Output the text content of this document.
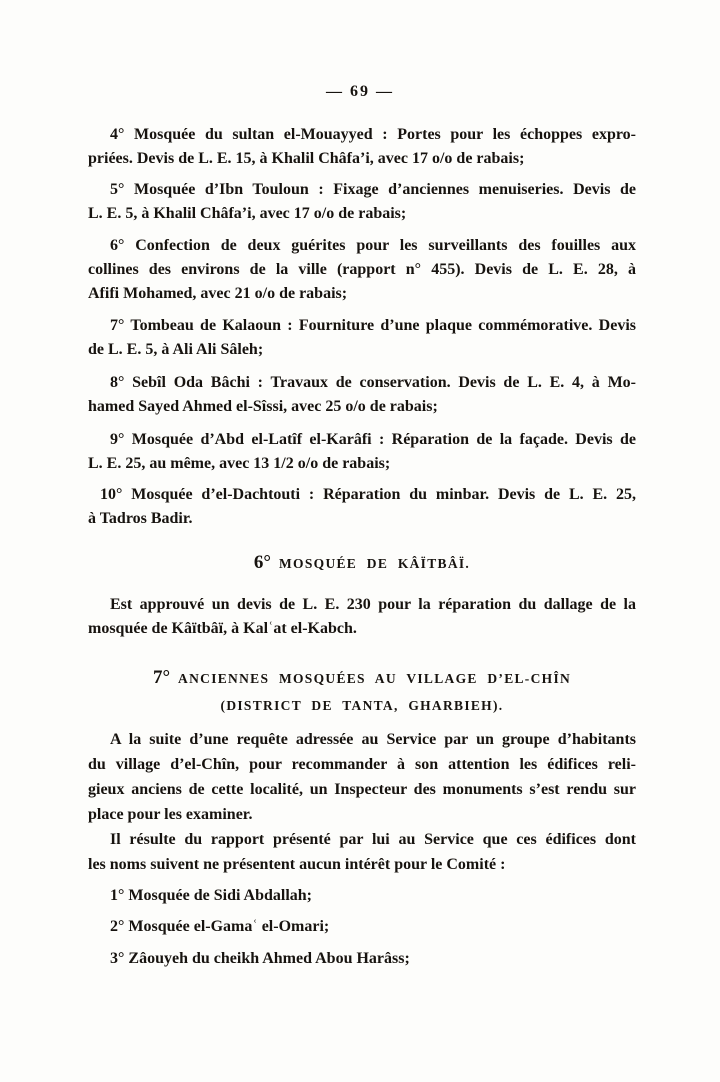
— 69 —
4° Mosquée du sultan el-Mouayyed : Portes pour les échoppes expro-
priées. Devis de L. E. 15, à Khalil Châfa’i, avec 17 o/o de rabais;
5° Mosquée d’Ibn Touloun : Fixage d’anciennes menuiseries. Devis de
L. E. 5, à Khalil Châfa’i, avec 17 o/o de rabais;
6° Confection de deux guérites pour les surveillants des fouilles aux
collines des environs de la ville (rapport n° 455). Devis de L. E. 28, à
Afifi Mohamed, avec 21 o/o de rabais;
7° Tombeau de Kalaoun : Fourniture d’une plaque commémorative. Devis
de L. E. 5, à Ali Ali Sâleh;
8° Sebîl Oda Bâchi : Travaux de conservation. Devis de L. E. 4, à Mo-
hamed Sayed Ahmed el-Sîssi, avec 25 o/o de rabais;
9° Mosquée d’Abd el-Latîf el-Karâfi : Réparation de la façade. Devis de
L. E. 25, au même, avec 13 1/2 o/o de rabais;
10° Mosquée d’el-Dachtouti : Réparation du minbar. Devis de L. E. 25,
à Tadros Badir.
6° MOSQUÉE DE KÂÏTBÂÏ.
Est approuvé un devis de L. E. 230 pour la réparation du dallage de la
mosquée de Kâïtbâï, à Kalʿat el-Kabch.
7° ANCIENNES MOSQUÉES AU VILLAGE D’EL-CHÎN
(DISTRICT DE TANTA, GHARBIEH).
A la suite d’une requête adressée au Service par un groupe d’habitants
du village d’el-Chîn, pour recommander à son attention les édifices reli-
gieux anciens de cette localité, un Inspecteur des monuments s’est rendu sur
place pour les examiner.
Il résulte du rapport présenté par lui au Service que ces édifices dont
les noms suivent ne présentent aucun intérêt pour le Comité :
1° Mosquée de Sidi Abdallah;
2° Mosquée el-Gamaʿ el-Omari;
3° Zâouyeh du cheikh Ahmed Abou Harâss;
